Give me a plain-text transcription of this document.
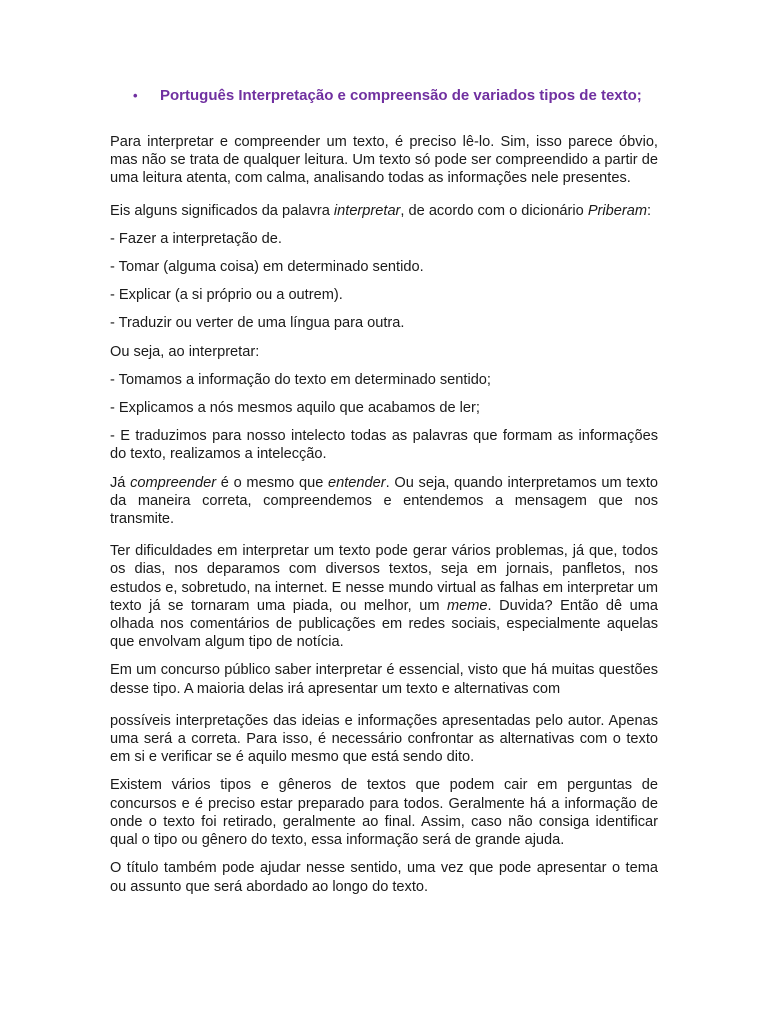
• Português Interpretação e compreensão de variados tipos de texto;

Para interpretar e compreender um texto, é preciso lê-lo. Sim, isso parece óbvio, mas não se trata de qualquer leitura. Um texto só pode ser compreendido a partir de uma leitura atenta, com calma, analisando todas as informações nele presentes.

Eis alguns significados da palavra interpretar, de acordo com o dicionário Priberam:

- Fazer a interpretação de.

- Tomar (alguma coisa) em determinado sentido.

- Explicar (a si próprio ou a outrem).

- Traduzir ou verter de uma língua para outra.

Ou seja, ao interpretar:

- Tomamos a informação do texto em determinado sentido;

- Explicamos a nós mesmos aquilo que acabamos de ler;

- E traduzimos para nosso intelecto todas as palavras que formam as informações do texto, realizamos a intelecção.

Já compreender é o mesmo que entender. Ou seja, quando interpretamos um texto da maneira correta, compreendemos e entendemos a mensagem que nos transmite.

Ter dificuldades em interpretar um texto pode gerar vários problemas, já que, todos os dias, nos deparamos com diversos textos, seja em jornais, panfletos, nos estudos e, sobretudo, na internet. E nesse mundo virtual as falhas em interpretar um texto já se tornaram uma piada, ou melhor, um meme. Duvida? Então dê uma olhada nos comentários de publicações em redes sociais, especialmente aquelas que envolvam algum tipo de notícia.

Em um concurso público saber interpretar é essencial, visto que há muitas questões desse tipo. A maioria delas irá apresentar um texto e alternativas com

possíveis interpretações das ideias e informações apresentadas pelo autor. Apenas uma será a correta. Para isso, é necessário confrontar as alternativas com o texto em si e verificar se é aquilo mesmo que está sendo dito.

Existem vários tipos e gêneros de textos que podem cair em perguntas de concursos e é preciso estar preparado para todos. Geralmente há a informação de onde o texto foi retirado, geralmente ao final. Assim, caso não consiga identificar qual o tipo ou gênero do texto, essa informação será de grande ajuda.

O título também pode ajudar nesse sentido, uma vez que pode apresentar o tema ou assunto que será abordado ao longo do texto.
